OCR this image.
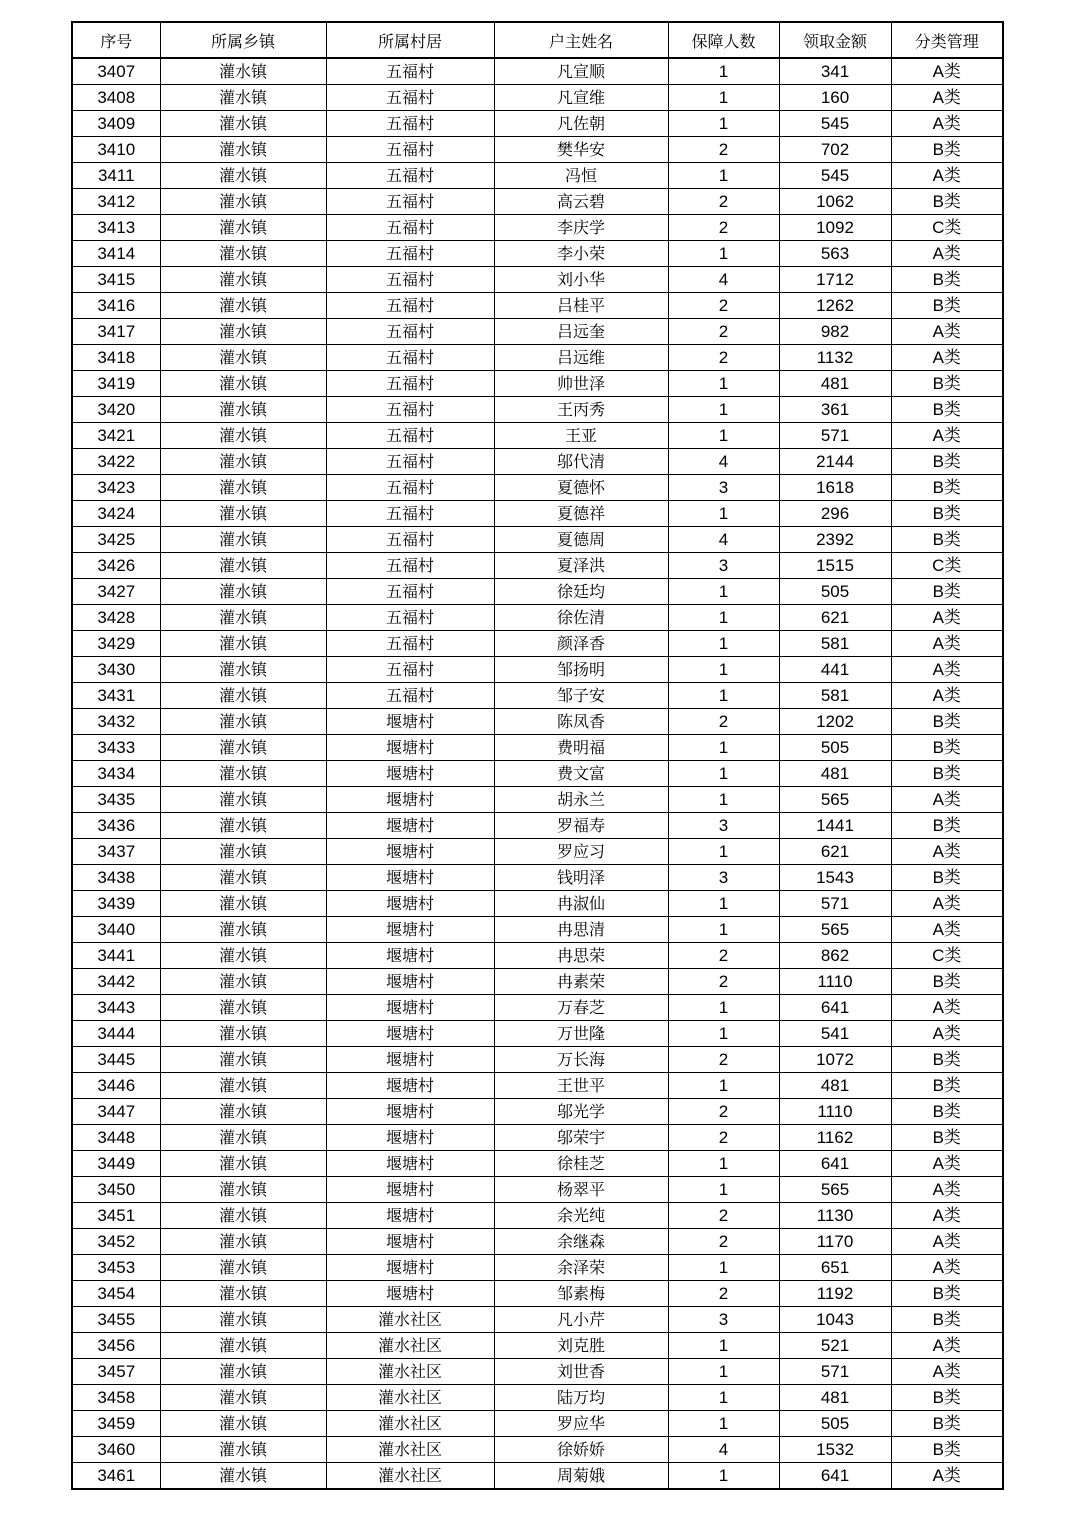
序号	所属乡镇	所属村居	户主姓名	保障人数	领取金额	分类管理
3407	灌水镇	五福村	凡宣顺	1	341	A类
3408	灌水镇	五福村	凡宣维	1	160	A类
3409	灌水镇	五福村	凡佐朝	1	545	A类
3410	灌水镇	五福村	樊华安	2	702	B类
3411	灌水镇	五福村	冯恒	1	545	A类
3412	灌水镇	五福村	高云碧	2	1062	B类
3413	灌水镇	五福村	李庆学	2	1092	C类
3414	灌水镇	五福村	李小荣	1	563	A类
3415	灌水镇	五福村	刘小华	4	1712	B类
3416	灌水镇	五福村	吕桂平	2	1262	B类
3417	灌水镇	五福村	吕远奎	2	982	A类
3418	灌水镇	五福村	吕远维	2	1132	A类
3419	灌水镇	五福村	帅世泽	1	481	B类
3420	灌水镇	五福村	王丙秀	1	361	B类
3421	灌水镇	五福村	王亚	1	571	A类
3422	灌水镇	五福村	邬代清	4	2144	B类
3423	灌水镇	五福村	夏德怀	3	1618	B类
3424	灌水镇	五福村	夏德祥	1	296	B类
3425	灌水镇	五福村	夏德周	4	2392	B类
3426	灌水镇	五福村	夏泽洪	3	1515	C类
3427	灌水镇	五福村	徐廷均	1	505	B类
3428	灌水镇	五福村	徐佐清	1	621	A类
3429	灌水镇	五福村	颜泽香	1	581	A类
3430	灌水镇	五福村	邹扬明	1	441	A类
3431	灌水镇	五福村	邹子安	1	581	A类
3432	灌水镇	堰塘村	陈凤香	2	1202	B类
3433	灌水镇	堰塘村	费明福	1	505	B类
3434	灌水镇	堰塘村	费文富	1	481	B类
3435	灌水镇	堰塘村	胡永兰	1	565	A类
3436	灌水镇	堰塘村	罗福寿	3	1441	B类
3437	灌水镇	堰塘村	罗应习	1	621	A类
3438	灌水镇	堰塘村	钱明泽	3	1543	B类
3439	灌水镇	堰塘村	冉淑仙	1	571	A类
3440	灌水镇	堰塘村	冉思清	1	565	A类
3441	灌水镇	堰塘村	冉思荣	2	862	C类
3442	灌水镇	堰塘村	冉素荣	2	1110	B类
3443	灌水镇	堰塘村	万春芝	1	641	A类
3444	灌水镇	堰塘村	万世隆	1	541	A类
3445	灌水镇	堰塘村	万长海	2	1072	B类
3446	灌水镇	堰塘村	王世平	1	481	B类
3447	灌水镇	堰塘村	邬光学	2	1110	B类
3448	灌水镇	堰塘村	邬荣宇	2	1162	B类
3449	灌水镇	堰塘村	徐桂芝	1	641	A类
3450	灌水镇	堰塘村	杨翠平	1	565	A类
3451	灌水镇	堰塘村	余光纯	2	1130	A类
3452	灌水镇	堰塘村	余继森	2	1170	A类
3453	灌水镇	堰塘村	余泽荣	1	651	A类
3454	灌水镇	堰塘村	邹素梅	2	1192	B类
3455	灌水镇	灌水社区	凡小芹	3	1043	B类
3456	灌水镇	灌水社区	刘克胜	1	521	A类
3457	灌水镇	灌水社区	刘世香	1	571	A类
3458	灌水镇	灌水社区	陆万均	1	481	B类
3459	灌水镇	灌水社区	罗应华	1	505	B类
3460	灌水镇	灌水社区	徐娇娇	4	1532	B类
3461	灌水镇	灌水社区	周菊娥	1	641	A类
